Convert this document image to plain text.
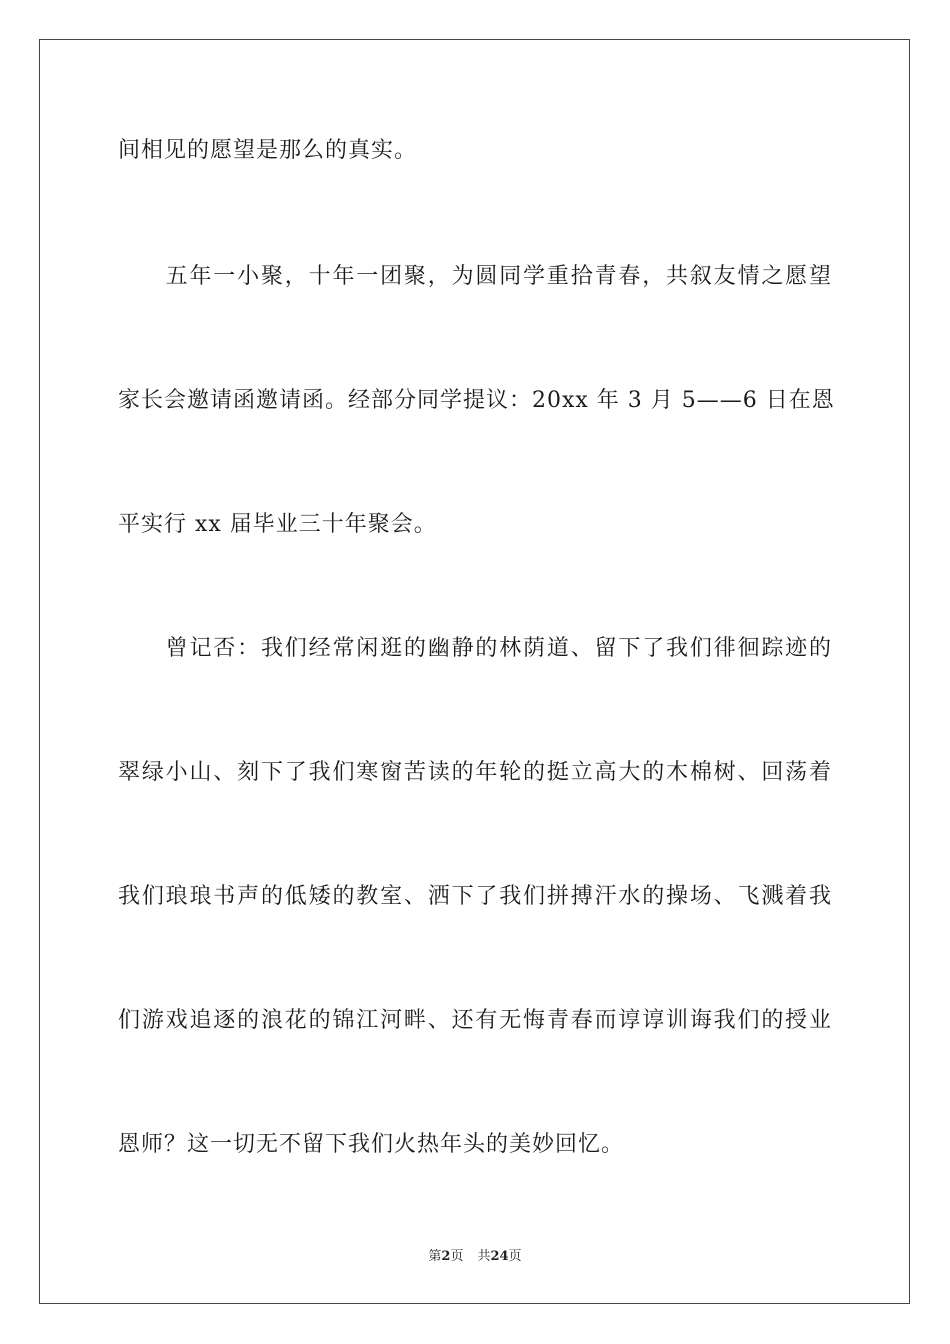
间相见的愿望是那么的真实。
　　五年一小聚，十年一团聚，为圆同学重拾青春，共叙友情之愿望
家长会邀请函邀请函。经部分同学提议：20xx 年 3 月 5——6 日在恩
平实行 xx 届毕业三十年聚会。
　　曾记否：我们经常闲逛的幽静的林荫道、留下了我们徘徊踪迹的
翠绿小山、刻下了我们寒窗苦读的年轮的挺立高大的木棉树、回荡着
我们琅琅书声的低矮的教室、洒下了我们拼搏汗水的操场、飞溅着我
们游戏追逐的浪花的锦江河畔、还有无悔青春而谆谆训诲我们的授业
恩师？这一切无不留下我们火热年头的美妙回忆。
第2页 共24页
